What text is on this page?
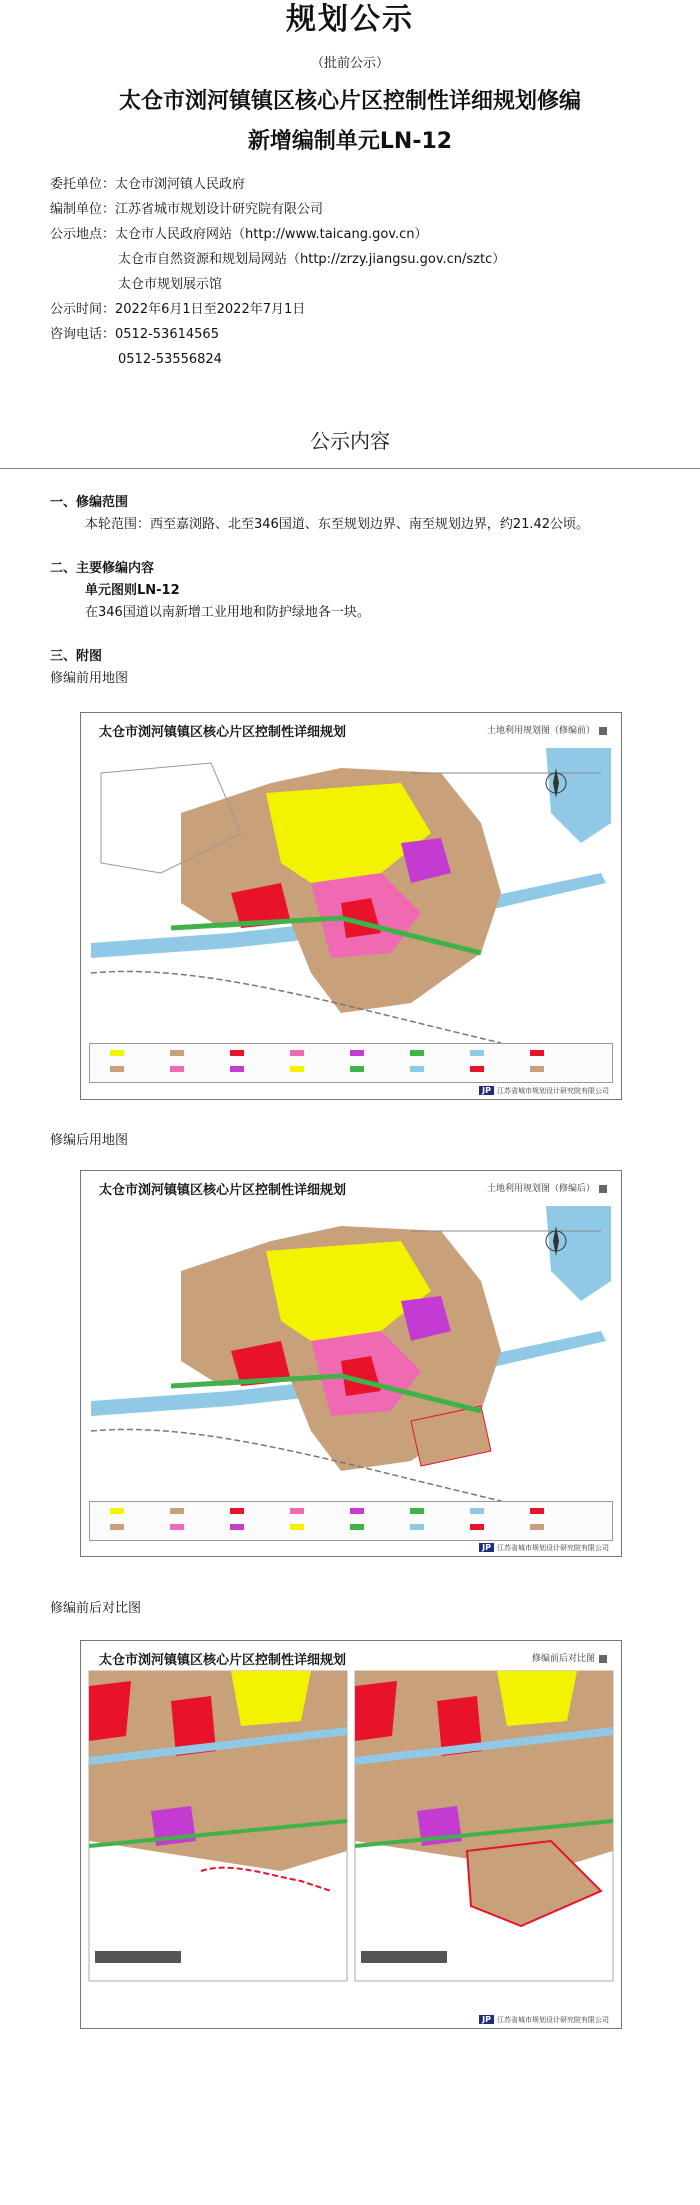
规划公示
（批前公示）
太仓市浏河镇镇区核心片区控制性详细规划修编
新增编制单元LN-12
委托单位：太仓市浏河镇人民政府
编制单位：江苏省城市规划设计研究院有限公司
公示地点：太仓市人民政府网站（http://www.taicang.gov.cn）
太仓市自然资源和规划局网站（http://zrzy.jiangsu.gov.cn/sztc）
太仓市规划展示馆
公示时间：2022年6月1日至2022年7月1日
咨询电话：0512-53614565
0512-53556824
公示内容
一、修编范围
本轮范围：西至嘉浏路、北至346国道、东至规划边界、南至规划边界，约21.42公顷。
二、主要修编内容
单元图则LN-12
在346国道以南新增工业用地和防护绿地各一块。
三、附图
修编前用地图
太仓市浏河镇镇区核心片区控制性详细规划	土地利用规划图（修编前）
JP 江苏省城市规划设计研究院有限公司
修编后用地图
太仓市浏河镇镇区核心片区控制性详细规划	土地利用规划图（修编后）
JP 江苏省城市规划设计研究院有限公司
修编前后对比图
太仓市浏河镇镇区核心片区控制性详细规划	修编前后对比图
JP 江苏省城市规划设计研究院有限公司
